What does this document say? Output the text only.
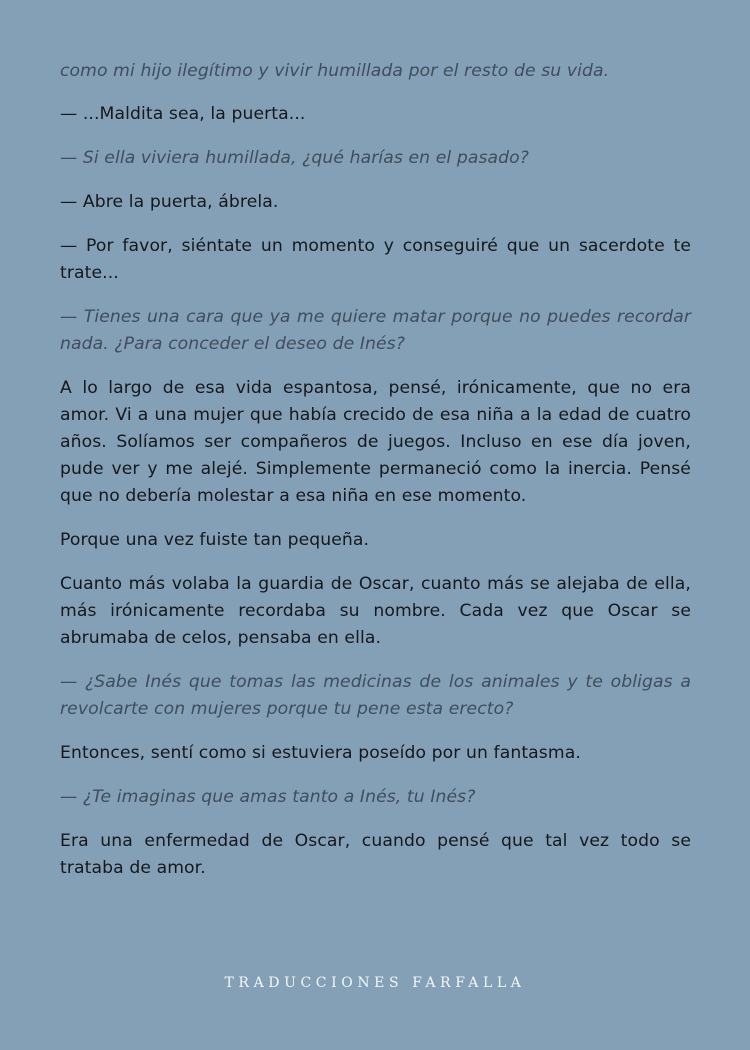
como mi hijo ilegítimo y vivir humillada por el resto de su vida.

— ...Maldita sea, la puerta...

— Si ella viviera humillada, ¿qué harías en el pasado?

— Abre la puerta, ábrela.

— Por favor, siéntate un momento y conseguiré que un sacerdote te trate...

— Tienes una cara que ya me quiere matar porque no puedes recordar nada. ¿Para conceder el deseo de Inés?

A lo largo de esa vida espantosa, pensé, irónicamente, que no era amor. Vi a una mujer que había crecido de esa niña a la edad de cuatro años. Solíamos ser compañeros de juegos. Incluso en ese día joven, pude ver y me alejé. Simplemente permaneció como la inercia. Pensé que no debería molestar a esa niña en ese momento.

Porque una vez fuiste tan pequeña.

Cuanto más volaba la guardia de Oscar, cuanto más se alejaba de ella, más irónicamente recordaba su nombre. Cada vez que Oscar se abrumaba de celos, pensaba en ella.

— ¿Sabe Inés que tomas las medicinas de los animales y te obligas a revolcarte con mujeres porque tu pene esta erecto?

Entonces, sentí como si estuviera poseído por un fantasma.

— ¿Te imaginas que amas tanto a Inés, tu Inés?

Era una enfermedad de Oscar, cuando pensé que tal vez todo se trataba de amor.

TRADUCCIONES FARFALLA
